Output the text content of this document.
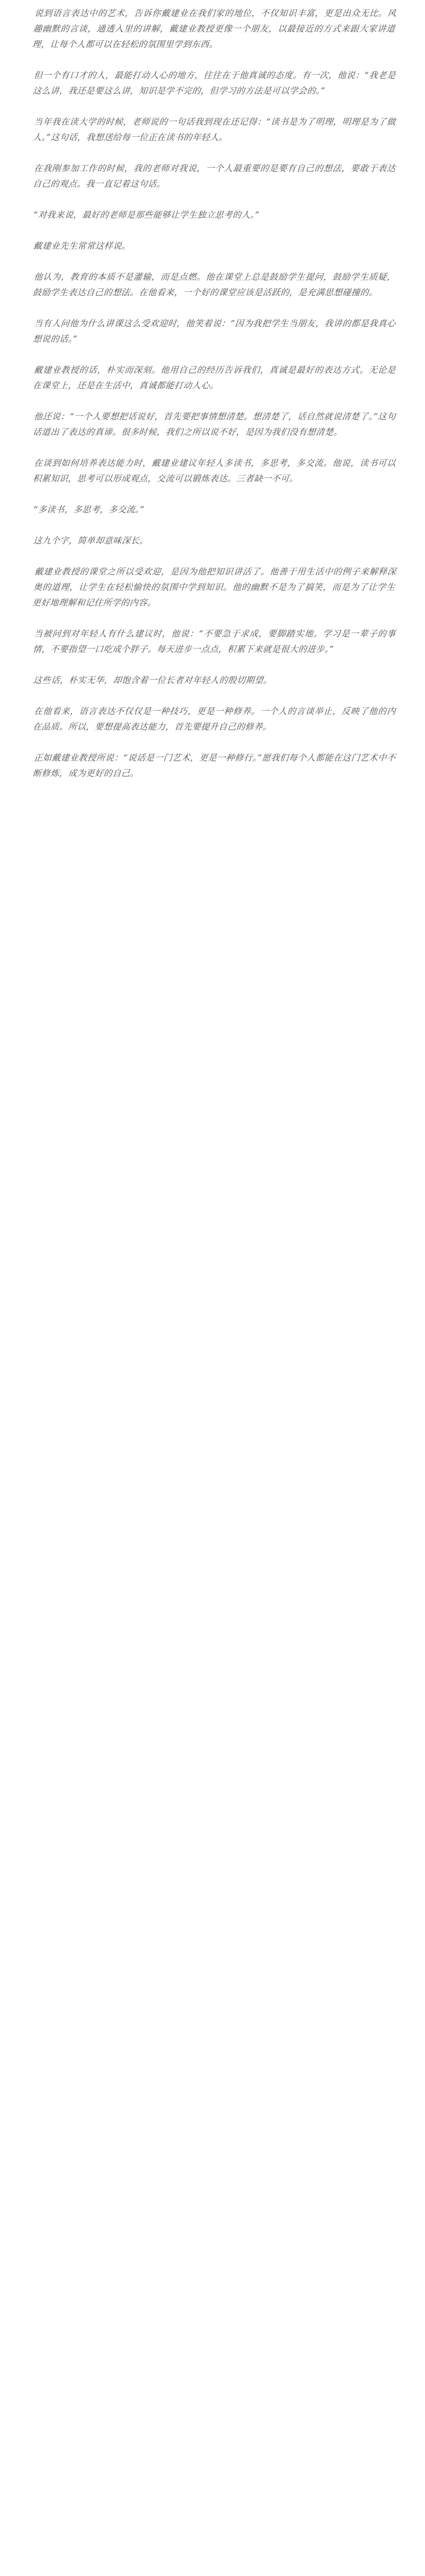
说到语言表达中的艺术，告诉你戴建业在我们家的地位，不仅知识丰富，更是出众无比。风趣幽默的言谈，通透入里的讲解，戴建业教授更像一个朋友，以最接近的方式来跟大家讲道理，让每个人都可以在轻松的氛围里学到东西。

但一个有口才的人，最能打动人心的地方，往往在于他真诚的态度。有一次，他说：“我老是这么讲，我还是要这么讲，知识是学不完的，但学习的方法是可以学会的。”

当年我在读大学的时候，老师说的一句话我到现在还记得：“读书是为了明理，明理是为了做人。”这句话，我想送给每一位正在读书的年轻人。

在我刚参加工作的时候，我的老师对我说，一个人最重要的是要有自己的想法，要敢于表达自己的观点。我一直记着这句话。

“对我来说，最好的老师是那些能够让学生独立思考的人。”

戴建业先生常常这样说。

他认为，教育的本质不是灌输，而是点燃。他在课堂上总是鼓励学生提问，鼓励学生质疑，鼓励学生表达自己的想法。在他看来，一个好的课堂应该是活跃的，是充满思想碰撞的。

当有人问他为什么讲课这么受欢迎时，他笑着说：“因为我把学生当朋友，我讲的都是我真心想说的话。”

戴建业教授的话，朴实而深刻。他用自己的经历告诉我们，真诚是最好的表达方式。无论是在课堂上，还是在生活中，真诚都能打动人心。

他还说：“一个人要想把话说好，首先要把事情想清楚。想清楚了，话自然就说清楚了。”这句话道出了表达的真谛。很多时候，我们之所以说不好，是因为我们没有想清楚。

在谈到如何培养表达能力时，戴建业建议年轻人多读书，多思考，多交流。他说，读书可以积累知识，思考可以形成观点，交流可以锻炼表达。三者缺一不可。

“多读书，多思考，多交流。”

这九个字，简单却意味深长。

戴建业教授的课堂之所以受欢迎，是因为他把知识讲活了。他善于用生活中的例子来解释深奥的道理，让学生在轻松愉快的氛围中学到知识。他的幽默不是为了搞笑，而是为了让学生更好地理解和记住所学的内容。

当被问到对年轻人有什么建议时，他说：“不要急于求成，要脚踏实地。学习是一辈子的事情，不要指望一口吃成个胖子。每天进步一点点，积累下来就是很大的进步。”

这些话，朴实无华，却饱含着一位长者对年轻人的殷切期望。

在他看来，语言表达不仅仅是一种技巧，更是一种修养。一个人的言谈举止，反映了他的内在品质。所以，要想提高表达能力，首先要提升自己的修养。

正如戴建业教授所说：“说话是一门艺术，更是一种修行。”愿我们每个人都能在这门艺术中不断修炼，成为更好的自己。
